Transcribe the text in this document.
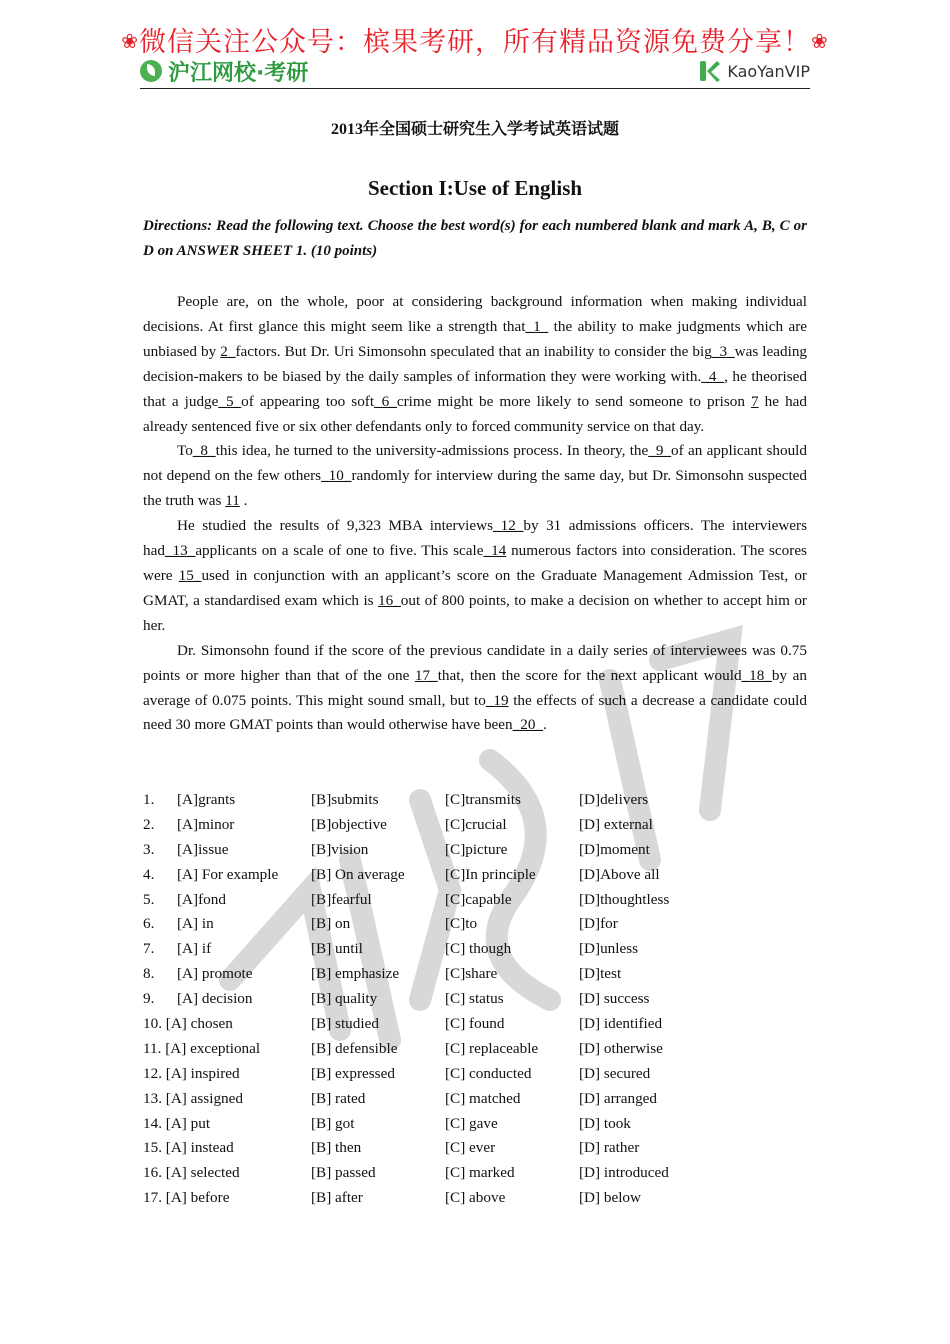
❀微信关注公众号：槟果考研，所有精品资源免费分享！❀
沪江网校·考研	KaoYanVIP
2013年全国硕士研究生入学考试英语试题
Section I:Use of English
Directions: Read the following text. Choose the best word(s) for each numbered blank and mark A, B, C or D on ANSWER SHEET 1. (10 points)

People are, on the whole, poor at considering background information when making individual decisions. At first glance this might seem like a strength that_1_ the ability to make judgments which are unbiased by 2_factors. But Dr. Uri Simonsohn speculated that an inability to consider the big_3_was leading decision-makers to be biased by the daily samples of information they were working with._4_, he theorised that a judge_5_of appearing too soft_6_crime might be more likely to send someone to prison 7 he had already sentenced five or six other defendants only to forced community service on that day.

To_8_this idea, he turned to the university-admissions process. In theory, the_9_of an applicant should not depend on the few others_10_randomly for interview during the same day, but Dr. Simonsohn suspected the truth was 11 .

He studied the results of 9,323 MBA interviews_12_by 31 admissions officers. The interviewers had_13_applicants on a scale of one to five. This scale_14 numerous factors into consideration. The scores were 15_used in conjunction with an applicant’s score on the Graduate Management Admission Test, or GMAT, a standardised exam which is 16_out of 800 points, to make a decision on whether to accept him or her.

Dr. Simonsohn found if the score of the previous candidate in a daily series of interviewees was 0.75 points or more higher than that of the one 17_that, then the score for the next applicant would_18_by an average of 0.075 points. This might sound small, but to_19 the effects of such a decrease a candidate could need 30 more GMAT points than would otherwise have been_20_.

1. [A]grants	[B]submits	[C]transmits	[D]delivers
2. [A]minor	[B]objective	[C]crucial	[D] external
3. [A]issue	[B]vision	[C]picture	[D]moment
4. [A] For example [B] On average	[C]In principle	[D]Above all
5. [A]fond	[B]fearful	[C]capable	[D]thoughtless
6. [A] in	[B] on	[C]to	[D]for
7. [A] if	[B] until	[C] though	[D]unless
8. [A] promote	[B] emphasize	[C]share	[D]test
9. [A] decision	[B] quality	[C] status	[D] success
10. [A] chosen	[B] studied	[C] found	[D] identified
11. [A] exceptional	[B] defensible	[C] replaceable	[D] otherwise
12. [A] inspired	[B] expressed	[C] conducted	[D] secured
13. [A] assigned	[B] rated	[C] matched	[D] arranged
14. [A] put	[B] got	[C] gave	[D] took
15. [A] instead	[B] then	[C] ever	[D] rather
16. [A] selected	[B] passed	[C] marked	[D] introduced
17. [A] before	[B] after	[C] above	[D] below
